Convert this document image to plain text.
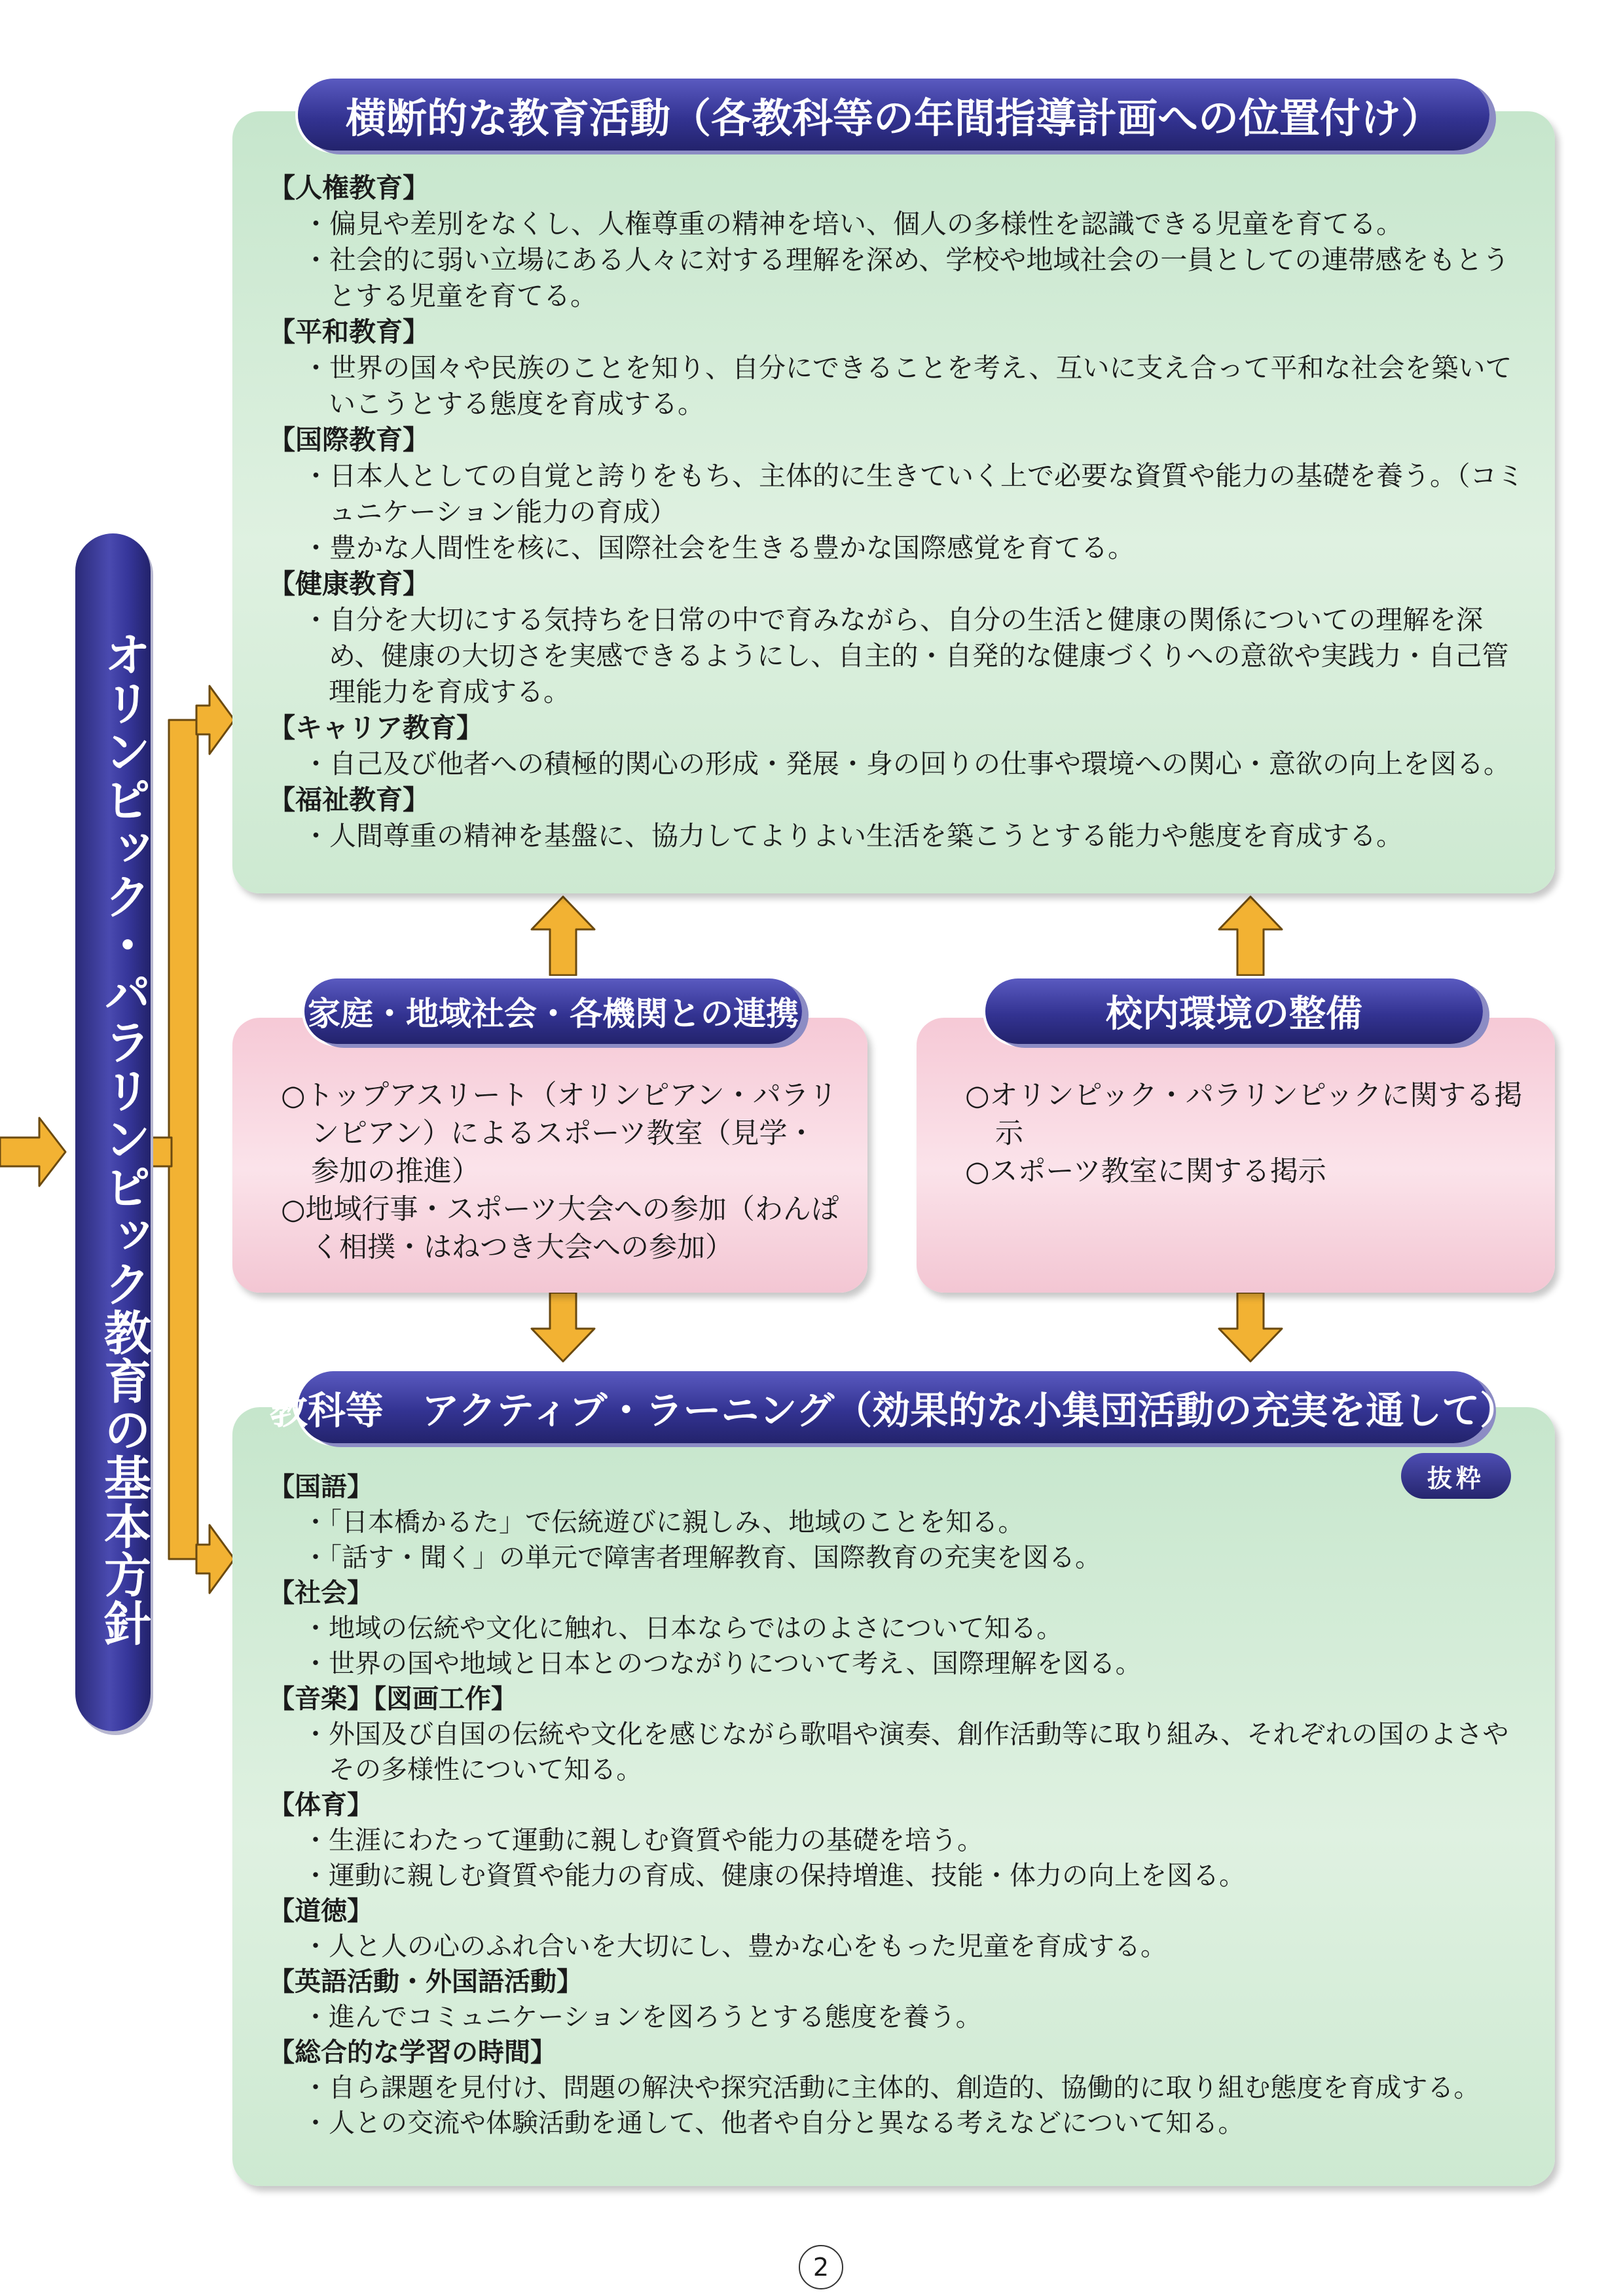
オリンピック・パラリンピック教育の基本方針
横断的な教育活動（各教科等の年間指導計画への位置付け）
【人権教育】
・偏見や差別をなくし、人権尊重の精神を培い、個人の多様性を認識できる児童を育てる。
・社会的に弱い立場にある人々に対する理解を深め、学校や地域社会の一員としての連帯感をもとうとする児童を育てる。
【平和教育】
・世界の国々や民族のことを知り、自分にできることを考え、互いに支え合って平和な社会を築いていこうとする態度を育成する。
【国際教育】
・日本人としての自覚と誇りをもち、主体的に生きていく上で必要な資質や能力の基礎を養う。（コミュニケーション能力の育成）
・豊かな人間性を核に、国際社会を生きる豊かな国際感覚を育てる。
【健康教育】
・自分を大切にする気持ちを日常の中で育みながら、自分の生活と健康の関係についての理解を深め、健康の大切さを実感できるようにし、自主的・自発的な健康づくりへの意欲や実践力・自己管理能力を育成する。
【キャリア教育】
・自己及び他者への積極的関心の形成・発展・身の回りの仕事や環境への関心・意欲の向上を図る。
【福祉教育】
・人間尊重の精神を基盤に、協力してよりよい生活を築こうとする能力や態度を育成する。
家庭・地域社会・各機関との連携
○トップアスリート（オリンピアン・パラリンピアン）によるスポーツ教室（見学・参加の推進）
○地域行事・スポーツ大会への参加（わんぱく相撲・はねつき大会への参加）
校内環境の整備
○オリンピック・パラリンピックに関する掲示
○スポーツ教室に関する掲示
教科等　アクティブ・ラーニング（効果的な小集団活動の充実を通して）
抜粋
【国語】
・「日本橋かるた」で伝統遊びに親しみ、地域のことを知る。
・「話す・聞く」の単元で障害者理解教育、国際教育の充実を図る。
【社会】
・地域の伝統や文化に触れ、日本ならではのよさについて知る。
・世界の国や地域と日本とのつながりについて考え、国際理解を図る。
【音楽】【図画工作】
・外国及び自国の伝統や文化を感じながら歌唱や演奏、創作活動等に取り組み、それぞれの国のよさやその多様性について知る。
【体育】
・生涯にわたって運動に親しむ資質や能力の基礎を培う。
・運動に親しむ資質や能力の育成、健康の保持増進、技能・体力の向上を図る。
【道徳】
・人と人の心のふれ合いを大切にし、豊かな心をもった児童を育成する。
【英語活動・外国語活動】
・進んでコミュニケーションを図ろうとする態度を養う。
【総合的な学習の時間】
・自ら課題を見付け、問題の解決や探究活動に主体的、創造的、協働的に取り組む態度を育成する。
・人との交流や体験活動を通して、他者や自分と異なる考えなどについて知る。
2
